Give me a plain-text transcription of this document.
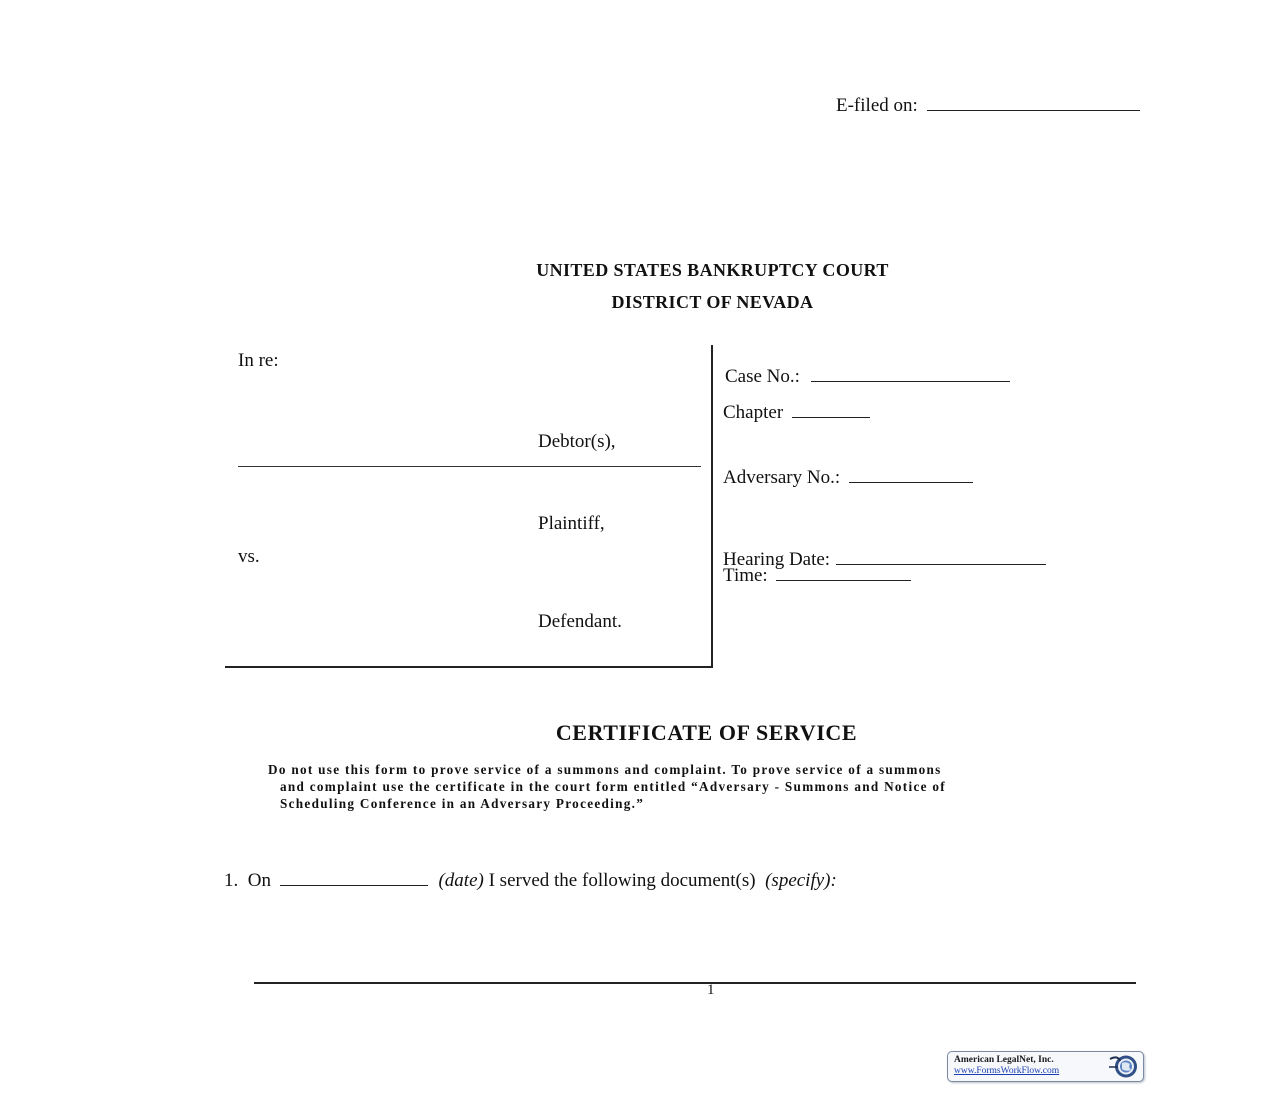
E-filed on:
UNITED STATES BANKRUPTCY COURT
DISTRICT OF NEVADA
In re:
Debtor(s),
Plaintiff,
vs.
Defendant.
Case No.:
Chapter
Adversary No.:
Hearing Date:
Time:
CERTIFICATE OF SERVICE
Do not use this form to prove service of a summons and complaint. To prove service of a summons
and complaint use the certificate in the court form entitled “Adversary - Summons and Notice of
Scheduling Conference in an Adversary Proceeding.”
1. On	(date) I served the following document(s) (specify):
1
American LegalNet, Inc.
www.FormsWorkFlow.com
